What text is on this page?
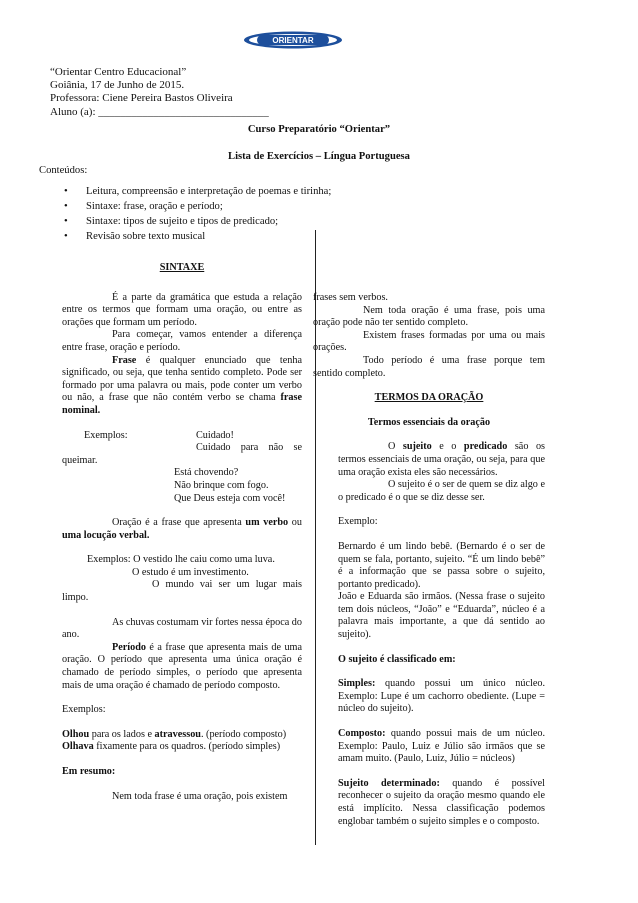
ORIENTAR
“Orientar Centro Educacional”
Goiânia, 17 de Junho de 2015.
Professora: Ciene Pereira Bastos Oliveira
Aluno (a): _______________________________
Curso Preparatório “Orientar”
Lista de Exercícios – Língua Portuguesa
Conteúdos:
• Leitura, compreensão e interpretação de poemas e tirinha;
• Sintaxe: frase, oração e período;
• Sintaxe: tipos de sujeito e tipos de predicado;
• Revisão sobre texto musical

SINTAXE

É a parte da gramática que estuda a relação entre os termos que formam uma oração, ou entre as orações que formam um período.

Para começar, vamos entender a diferença entre frase, oração e período.

Frase é qualquer enunciado que tenha significado, ou seja, que tenha sentido completo. Pode ser formado por uma palavra ou mais, pode conter um verbo ou não, a frase que não contém verbo se chama frase nominal.

Exemplos:	Cuidado!
Cuidado para não se

queimar.

Está chovendo?

Não brinque com fogo.

Que Deus esteja com você!

Oração é a frase que apresenta um verbo ou uma locução verbal.

Exemplos: O vestido lhe caiu como uma luva.

O estudo é um investimento.

O mundo vai ser um lugar mais limpo.

As chuvas costumam vir fortes nessa época do ano.

Período é a frase que apresenta mais de uma oração. O período que apresenta uma única oração é chamado de período simples, o período que apresenta mais de uma oração é chamado de período composto.

Exemplos:

Olhou para os lados e atravessou. (período composto)

Olhava fixamente para os quadros. (período simples)

Em resumo:

Nem toda frase é uma oração, pois existem

frases sem verbos.

Nem toda oração é uma frase, pois uma oração pode não ter sentido completo.

Existem frases formadas por uma ou mais orações.

Todo período é uma frase porque tem sentido completo.

TERMOS DA ORAÇÃO

Termos essenciais da oração

O sujeito e o predicado são os termos essenciais de uma oração, ou seja, para que uma oração exista eles são necessários.

O sujeito é o ser de quem se diz algo e o predicado é o que se diz desse ser.

Exemplo:

Bernardo é um lindo bebê. (Bernardo é o ser de quem se fala, portanto, sujeito. “É um lindo bebê” é a informação que se passa sobre o sujeito, portanto predicado).

João e Eduarda são irmãos. (Nessa frase o sujeito tem dois núcleos, “João” e “Eduarda”, núcleo é a palavra mais importante, a que dá sentido ao sujeito).

O sujeito é classificado em:

Simples: quando possui um único núcleo. Exemplo: Lupe é um cachorro obediente. (Lupe = núcleo do sujeito).

Composto: quando possui mais de um núcleo. Exemplo: Paulo, Luiz e Júlio são irmãos que se amam muito. (Paulo, Luiz, Júlio = núcleos)

Sujeito determinado: quando é possível reconhecer o sujeito da oração mesmo quando ele está implícito. Nessa classificação podemos englobar também o sujeito simples e o composto.
